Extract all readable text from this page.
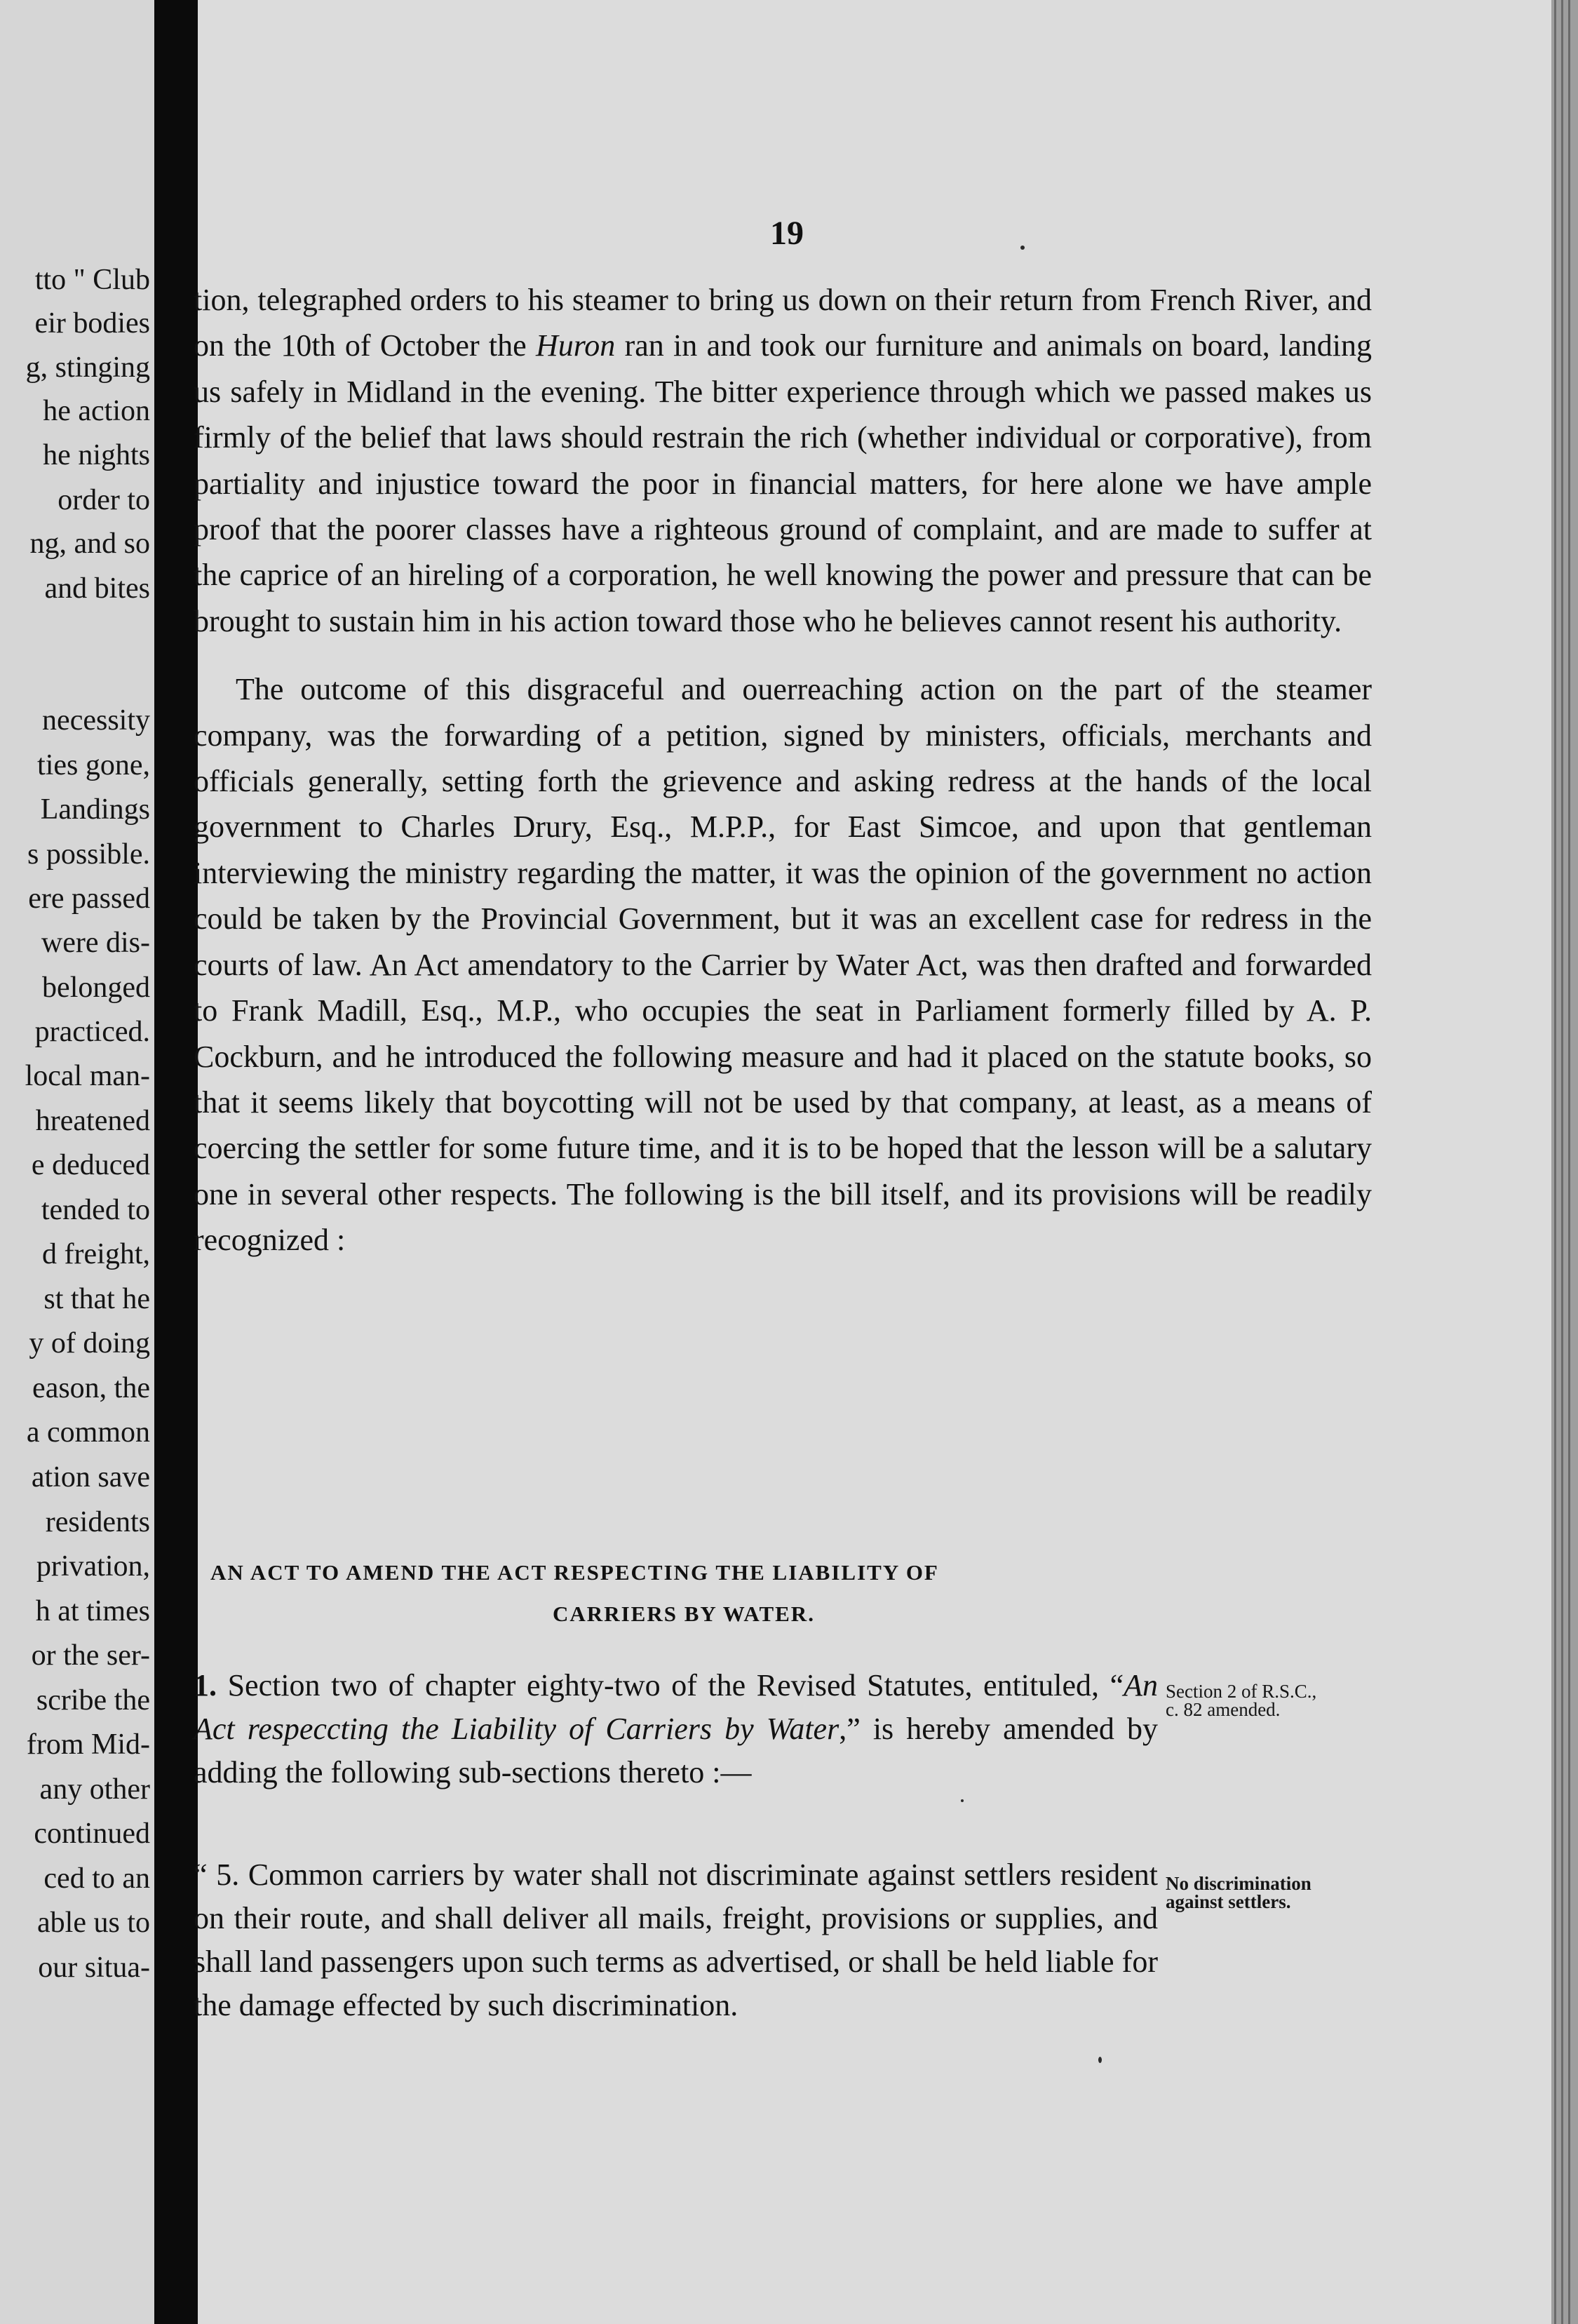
tto " Club
eir bodies
g, stinging
he action
he nights
order to
ng, and so
and bites
necessity
ties gone,
Landings
s possible.
ere passed
were dis-
belonged
practiced.
local man-
hreatened
e deduced
tended to
d freight,
st that he
y of doing
eason, the
a common
ation save
residents
privation,
h at times
or the ser-
scribe the
from Mid-
any other
continued
ced to an
able us to
our situa-
19

tion, telegraphed orders to his steamer to bring us down on their return from French River, and on the 10th of October the Huron ran in and took our furniture and animals on board, landing us safely in Midland in the evening. The bitter experience through which we passed makes us firmly of the belief that laws should restrain the rich (whether individual or corporative), from partiality and injustice toward the poor in financial matters, for here alone we have ample proof that the poorer classes have a righteous ground of complaint, and are made to suffer at the caprice of an hireling of a corporation, he well knowing the power and pressure that can be brought to sustain him in his action toward those who he believes cannot resent his authority.

The outcome of this disgraceful and ouerreaching action on the part of the steamer company, was the forwarding of a petition, signed by ministers, officials, merchants and officials generally, setting forth the grievence and asking redress at the hands of the local government to Charles Drury, Esq., M.P.P., for East Simcoe, and upon that gentleman interviewing the ministry regarding the matter, it was the opinion of the government no action could be taken by the Provincial Government, but it was an excellent case for redress in the courts of law. An Act amendatory to the Carrier by Water Act, was then drafted and forwarded to Frank Madill, Esq., M.P., who occupies the seat in Parliament formerly filled by A. P. Cockburn, and he introduced the following measure and had it placed on the statute books, so that it seems likely that boycotting will not be used by that company, at least, as a means of coercing the settler for some future time, and it is to be hoped that the lesson will be a salutary one in several other respects. The following is the bill itself, and its provisions will be readily recognized :

AN ACT TO AMEND THE ACT RESPECTING THE LIABILITY OF
CARRIERS BY WATER.
1. Section two of chapter eighty-two of the Revised Statutes, entituled, “An Act respeccting the Liability of Carriers by Water,” is hereby amended by adding the following sub-sections thereto :—
Section 2 of R.S.C., c. 82 amended.
“ 5. Common carriers by water shall not discriminate against settlers resident on their route, and shall deliver all mails, freight, provisions or supplies, and shall land passengers upon such terms as advertised, or shall be held liable for the damage effected by such discrimination.
No discrimination against settlers.
